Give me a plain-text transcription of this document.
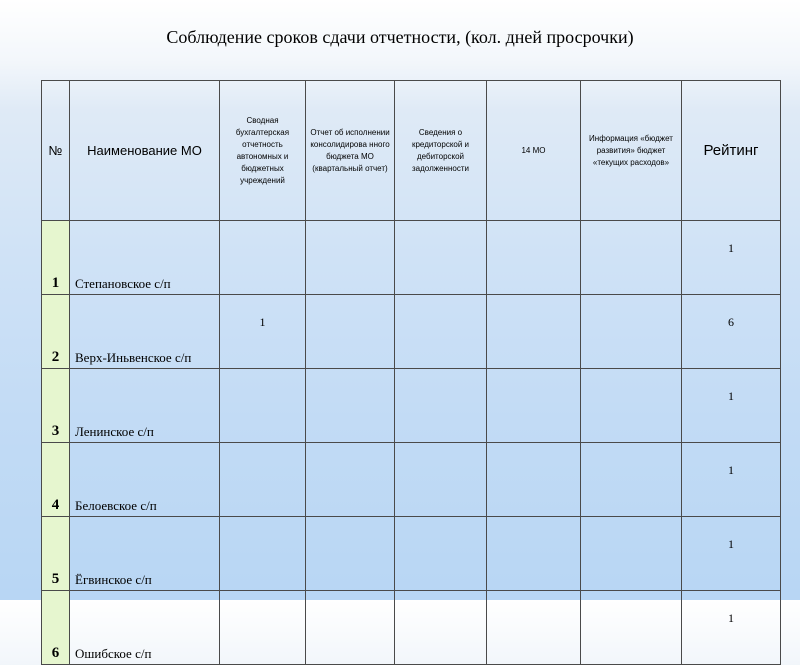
Соблюдение сроков сдачи отчетности, (кол. дней просрочки)
№	Наименование МО	Сводная бухгалтерская отчетность автономных и бюджетных учреждений	Отчет об исполнении консолидирова нного бюджета МО (квартальный отчет)	Сведения о кредиторской и дебиторской задолженности	14 МО	Информация «бюджет развития» бюджет «текущих расходов»	Рейтинг
1	Степановское с/п						1
2	Верх-Иньвенское с/п	1					6
3	Ленинское с/п						1
4	Белоевское с/п						1
5	Ёгвинское с/п						1
6	Ошибское с/п						1
